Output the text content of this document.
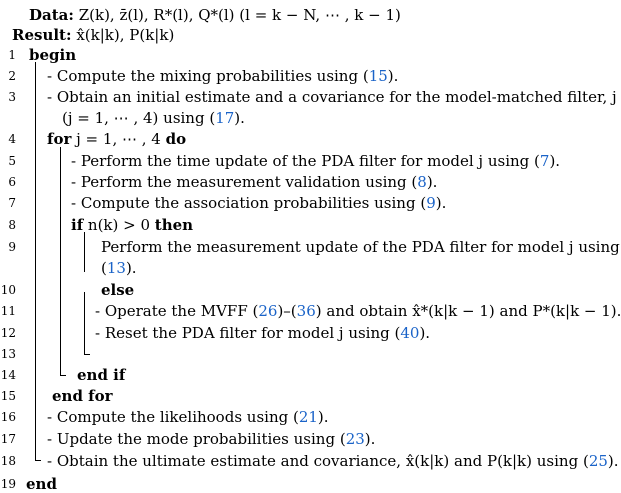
Data: Z(k), z̄(l), R*(l), Q*(l) (l = k − N, ⋯ , k − 1)
Result: x̂(k|k), P(k|k)
1 begin
2 - Compute the mixing probabilities using (15).
3 - Obtain an initial estimate and a covariance for the model-matched filter, j
(j = 1, ⋯ , 4) using (17).
4 for j = 1, ⋯ , 4 do
5	- Perform the time update of the PDA filter for model j using (7).
6	- Perform the measurement validation using (8).
7	- Compute the association probabilities using (9).
8	if n(k) > 0 then
9	Perform the measurement update of the PDA filter for model j using
(13).
10	else
11	- Operate the MVFF (26)–(36) and obtain x̂*(k|k − 1) and P*(k|k − 1).
12	- Reset the PDA filter for model j using (40).
13
14	end if
15 end for
16 - Compute the likelihoods using (21).
17 - Update the mode probabilities using (23).
18 - Obtain the ultimate estimate and covariance, x̂(k|k) and P(k|k) using (25).
19 end
